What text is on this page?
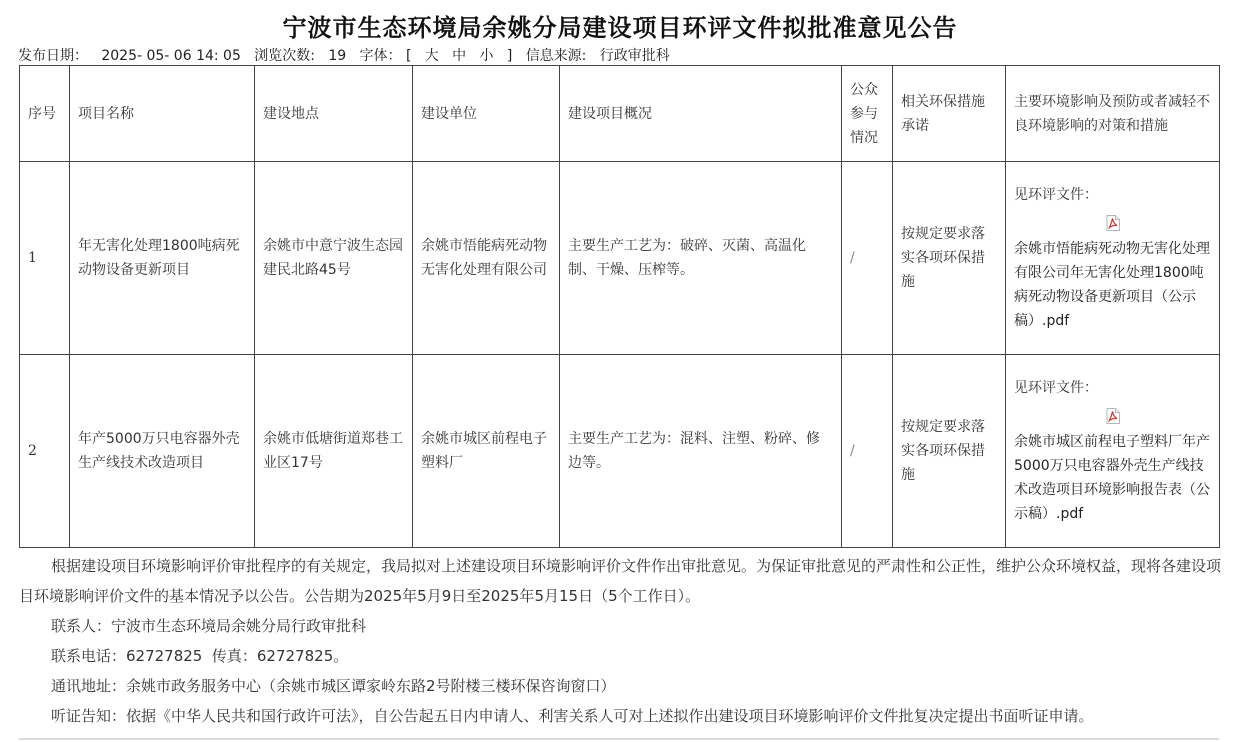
宁波市生态环境局余姚分局建设项目环评文件拟批准意见公告
发布日期： 2025- 05- 06 14: 05 浏览次数: 19 字体： [ 大 中 小 ] 信息来源: 行政审批科
序号	项目名称	建设地点	建设单位	建设项目概况	公众参与情况	相关环保措施承诺	主要环境影响及预防或者减轻不良环境影响的对策和措施
1	年无害化处理1800吨病死动物设备更新项目	余姚市中意宁波生态园建民北路45号	余姚市悟能病死动物无害化处理有限公司	主要生产工艺为：破碎、灭菌、高温化制、干燥、压榨等。	/	按规定要求落实各项环保措施	见环评文件：
余姚市悟能病死动物无害化处理有限公司年无害化处理1800吨病死动物设备更新项目（公示稿）.pdf
2	年产5000万只电容器外壳生产线技术改造项目	余姚市低塘街道郑巷工业区17号	余姚市城区前程电子塑料厂	主要生产工艺为：混料、注塑、粉碎、修边等。	/	按规定要求落实各项环保措施	见环评文件：
余姚市城区前程电子塑料厂年产5000万只电容器外壳生产线技术改造项目环境影响报告表（公示稿）.pdf

根据建设项目环境影响评价审批程序的有关规定，我局拟对上述建设项目环境影响评价文件作出审批意见。为保证审批意见的严肃性和公正性，维护公众环境权益，现将各建设项目环境影响评价文件的基本情况予以公告。公告期为2025年5月9日至2025年5月15日（5个工作日）。

联系人：宁波市生态环境局余姚分局行政审批科

联系电话：62727825  传真：62727825。

通讯地址：余姚市政务服务中心（余姚市城区谭家岭东路2号附楼三楼环保咨询窗口）

听证告知：依据《中华人民共和国行政许可法》，自公告起五日内申请人、利害关系人可对上述拟作出建设项目环境影响评价文件批复决定提出书面听证申请。
